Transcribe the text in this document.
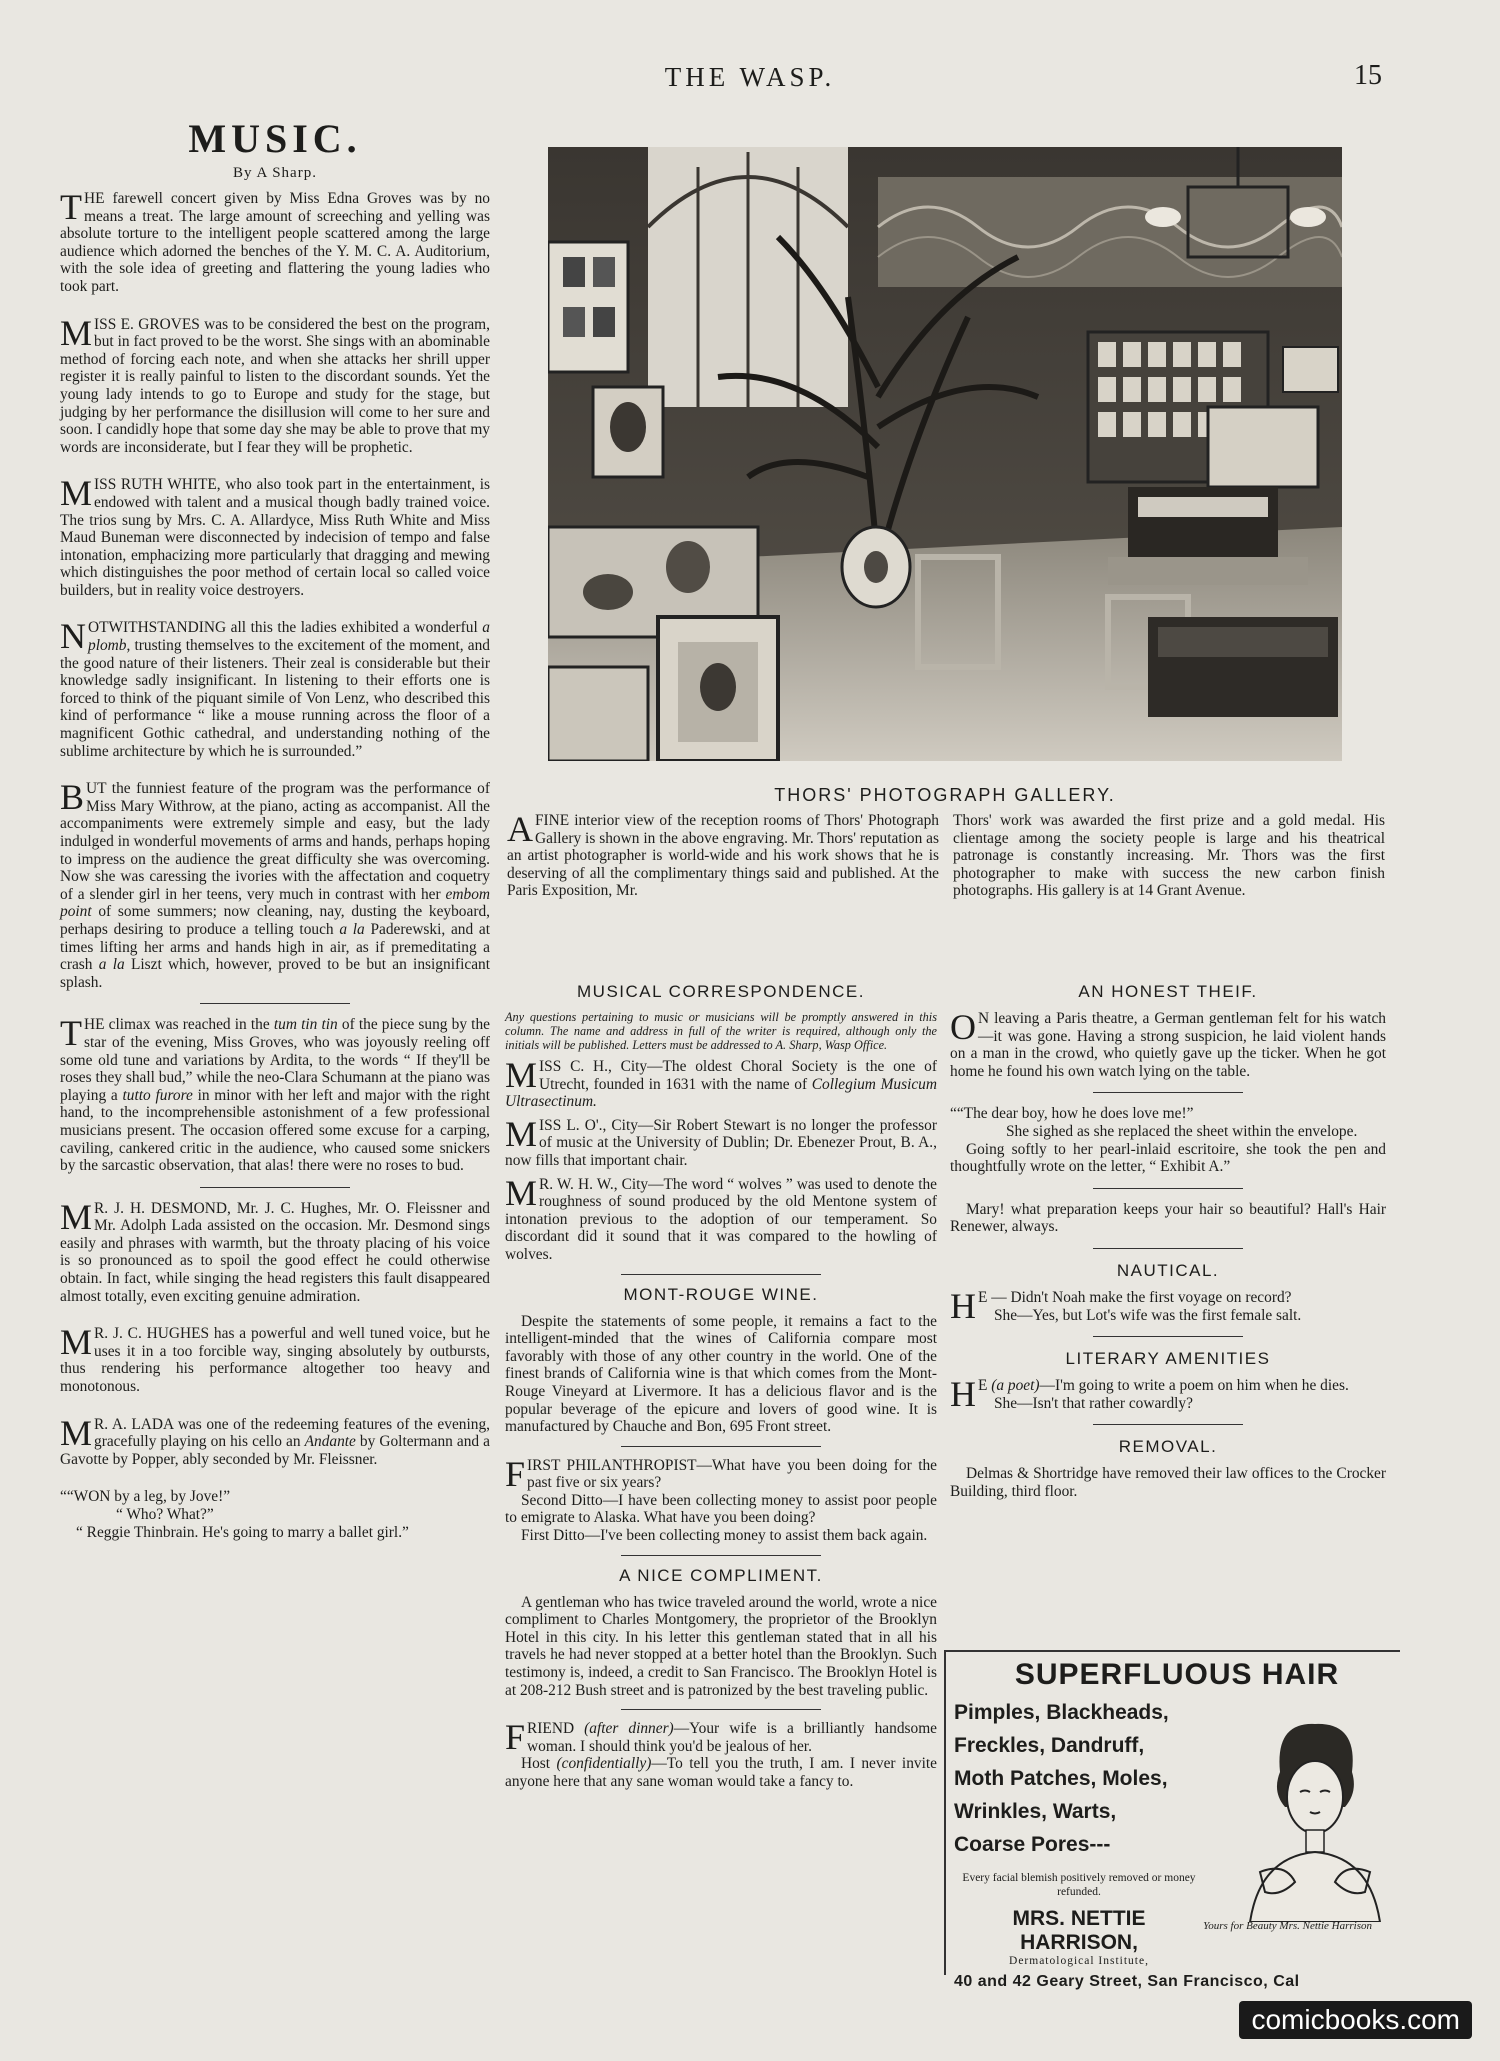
THE WASP.	15
MUSIC.
By A Sharp.

THE farewell concert given by Miss Edna Groves was by no means a treat. The large amount of screeching and yelling was absolute torture to the intelligent people scattered among the large audience which adorned the benches of the Y. M. C. A. Auditorium, with the sole idea of greeting and flattering the young ladies who took part.

MISS E. GROVES was to be considered the best on the program, but in fact proved to be the worst. She sings with an abominable method of forcing each note, and when she attacks her shrill upper register it is really painful to listen to the discordant sounds. Yet the young lady intends to go to Europe and study for the stage, but judging by her performance the disillusion will come to her sure and soon. I candidly hope that some day she may be able to prove that my words are inconsiderate, but I fear they will be prophetic.

MISS RUTH WHITE, who also took part in the entertainment, is endowed with talent and a musical though badly trained voice. The trios sung by Mrs. C. A. Allardyce, Miss Ruth White and Miss Maud Buneman were disconnected by indecision of tempo and false intonation, emphacizing more particularly that dragging and mewing which distinguishes the poor method of certain local so called voice builders, but in reality voice destroyers.

NOTWITHSTANDING all this the ladies exhibited a wonderful a plomb, trusting themselves to the excitement of the moment, and the good nature of their listeners. Their zeal is considerable but their knowledge sadly insignificant. In listening to their efforts one is forced to think of the piquant simile of Von Lenz, who described this kind of performance “ like a mouse running across the floor of a magnificent Gothic cathedral, and understanding nothing of the sublime architecture by which he is surrounded.”

BUT the funniest feature of the program was the performance of Miss Mary Withrow, at the piano, acting as accompanist. All the accompaniments were extremely simple and easy, but the lady indulged in wonderful movements of arms and hands, perhaps hoping to impress on the audience the great difficulty she was overcoming. Now she was caressing the ivories with the affectation and coquetry of a slender girl in her teens, very much in contrast with her embom point of some summers; now cleaning, nay, dusting the keyboard, perhaps desiring to produce a telling touch a la Paderewski, and at times lifting her arms and hands high in air, as if premeditating a crash a la Liszt which, however, proved to be but an insignificant splash.

THE climax was reached in the tum tin tin of the piece sung by the star of the evening, Miss Groves, who was joyously reeling off some old tune and variations by Ardita, to the words “ If they'll be roses they shall bud,” while the neo-Clara Schumann at the piano was playing a tutto furore in minor with her left and major with the right hand, to the incomprehensible astonishment of a few professional musicians present. The occasion offered some excuse for a carping, caviling, cankered critic in the audience, who caused some snickers by the sarcastic observation, that alas! there were no roses to bud.

M R. J. H. DESMOND, Mr. J. C. Hughes, Mr. O. Fleissner and Mr. Adolph Lada assisted on the occasion. Mr. Desmond sings easily and phrases with warmth, but the throaty placing of his voice is so pronounced as to spoil the good effect he could otherwise obtain. In fact, while singing the head registers this fault disappeared almost totally, even exciting genuine admiration.

M R. J. C. HUGHES has a powerful and well tuned voice, but he uses it in a too forcible way, singing absolutely by outbursts, thus rendering his performance altogether too heavy and monotonous.

M R. A. LADA was one of the redeeming features of the evening, gracefully playing on his cello an Andante by Goltermann and a Gavotte by Popper, ably seconded by Mr. Fleissner.

““WON by a leg, by Jove!”

“ Who? What?”

“ Reggie Thinbrain. He's going to marry a ballet girl.”

THORS' PHOTOGRAPH GALLERY.

AFINE interior view of the reception rooms of Thors' Photograph Gallery is shown in the above engraving. Mr. Thors' reputation as an artist photographer is world-wide and his work shows that he is deserving of all the complimentary things said and published. At the Paris Exposition, Mr.

Thors' work was awarded the first prize and a gold medal. His clientage among the society people is large and his theatrical patronage is constantly increasing. Mr. Thors was the first photographer to make with success the new carbon finish photographs. His gallery is at 14 Grant Avenue.

MUSICAL CORRESPONDENCE.
Any questions pertaining to music or musicians will be promptly answered in this column. The name and address in full of the writer is required, although only the initials will be published. Letters must be addressed to A. Sharp, Wasp Office.

MISS C. H., City—The oldest Choral Society is the one of Utrecht, founded in 1631 with the name of Collegium Musicum Ultrasectinum.

MISS L. O'., City—Sir Robert Stewart is no longer the professor of music at the University of Dublin; Dr. Ebenezer Prout, B. A., now fills that important chair.

M R. W. H. W., City—The word “ wolves ” was used to denote the roughness of sound produced by the old Mentone system of intonation previous to the adoption of our temperament. So discordant did it sound that it was compared to the howling of wolves.

MONT-ROUGE WINE.

Despite the statements of some people, it remains a fact to the intelligent-minded that the wines of California compare most favorably with those of any other country in the world. One of the finest brands of California wine is that which comes from the Mont-Rouge Vineyard at Livermore. It has a delicious flavor and is the popular beverage of the epicure and lovers of good wine. It is manufactured by Chauche and Bon, 695 Front street.

FIRST PHILANTHROPIST—What have you been doing for the past five or six years?

Second Ditto—I have been collecting money to assist poor people to emigrate to Alaska. What have you been doing?

First Ditto—I've been collecting money to assist them back again.

A NICE COMPLIMENT.

A gentleman who has twice traveled around the world, wrote a nice compliment to Charles Montgomery, the proprietor of the Brooklyn Hotel in this city. In his letter this gentleman stated that in all his travels he had never stopped at a better hotel than the Brooklyn. Such testimony is, indeed, a credit to San Francisco. The Brooklyn Hotel is at 208-212 Bush street and is patronized by the best traveling public.

FRIEND (after dinner)—Your wife is a brilliantly handsome woman. I should think you'd be jealous of her.

Host (confidentially)—To tell you the truth, I am. I never invite anyone here that any sane woman would take a fancy to.

AN HONEST THEIF.

O N leaving a Paris theatre, a German gentleman felt for his watch—it was gone. Having a strong suspicion, he laid violent hands on a man in the crowd, who quietly gave up the ticker. When he got home he found his own watch lying on the table.

““The dear boy, how he does love me!”

She sighed as she replaced the sheet within the envelope.

Going softly to her pearl-inlaid escritoire, she took the pen and thoughtfully wrote on the letter, “ Exhibit A.”

Mary! what preparation keeps your hair so beautiful? Hall's Hair Renewer, always.

NAUTICAL.

H E — Didn't Noah make the first voyage on record?

She—Yes, but Lot's wife was the first female salt.

LITERARY AMENITIES

H E (a poet)—I'm going to write a poem on him when he dies.

She—Isn't that rather cowardly?

REMOVAL.

Delmas & Shortridge have removed their law offices to the Crocker Building, third floor.

SUPERFLUOUS HAIR
Pimples, Blackheads,
Freckles, Dandruff,
Moth Patches, Moles,
Wrinkles, Warts,
Coarse Pores---
Every facial blemish positively removed or money refunded.
MRS. NETTIE HARRISON,
Dermatological Institute,
40 and 42 Geary Street, San Francisco, Cal
Yours for Beauty Mrs. Nettie Harrison
comicbooks.com
